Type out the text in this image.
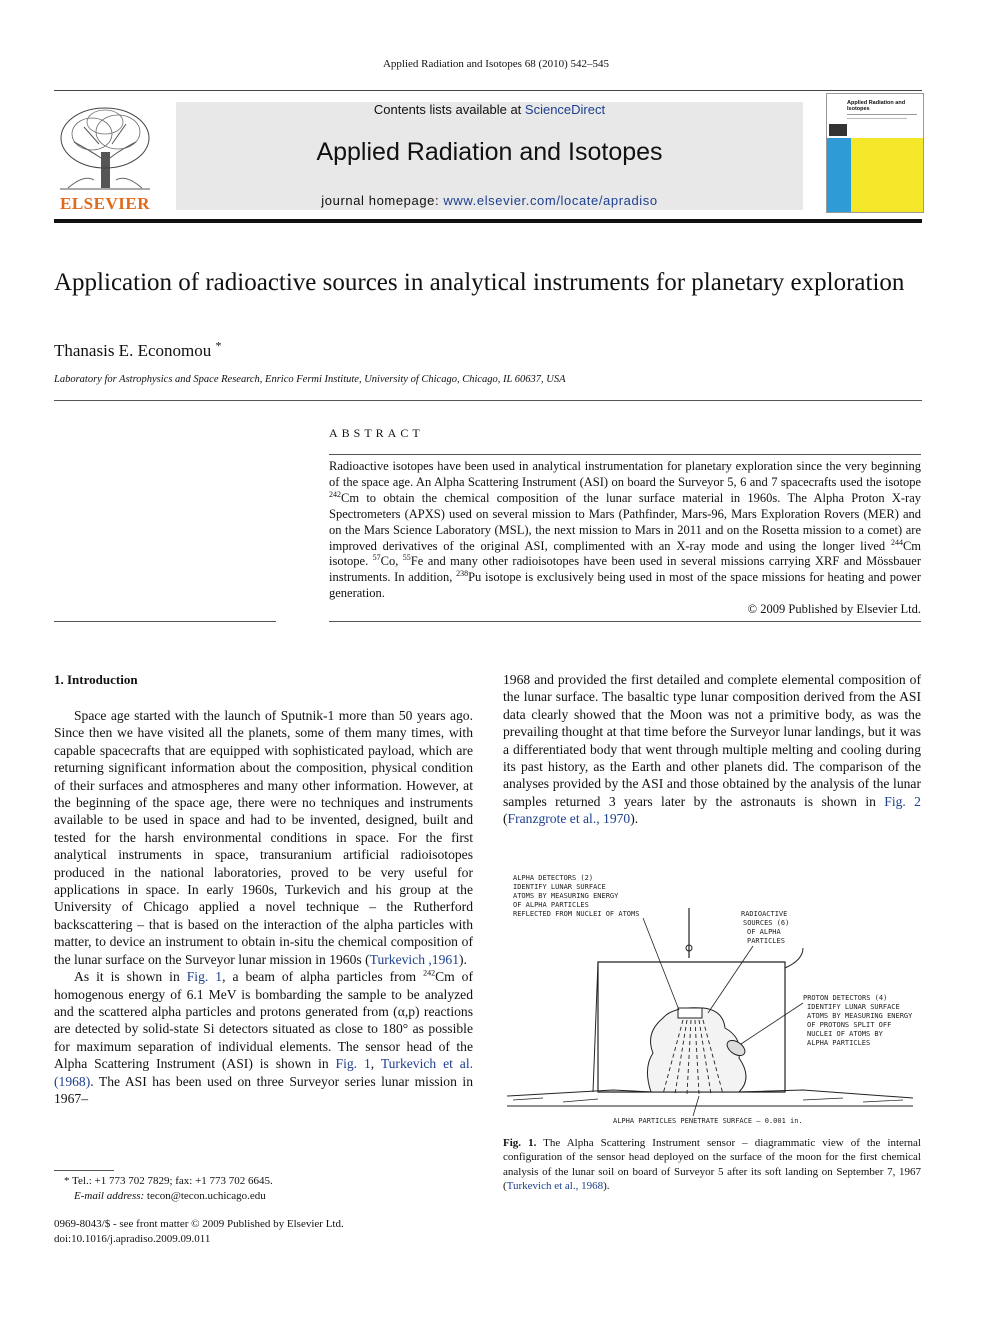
Applied Radiation and Isotopes 68 (2010) 542–545
ELSEVIER
Contents lists available at ScienceDirect
Applied Radiation and Isotopes
journal homepage: www.elsevier.com/locate/apradiso
Applied Radiation and Isotopes
Application of radioactive sources in analytical instruments for planetary exploration
Thanasis E. Economou *
Laboratory for Astrophysics and Space Research, Enrico Fermi Institute, University of Chicago, Chicago, IL 60637, USA
ABSTRACT
Radioactive isotopes have been used in analytical instrumentation for planetary exploration since the very beginning of the space age. An Alpha Scattering Instrument (ASI) on board the Surveyor 5, 6 and 7 spacecrafts used the isotope $^{242}$Cm to obtain the chemical composition of the lunar surface material in 1960s. The Alpha Proton X-ray Spectrometers (APXS) used on several mission to Mars (Pathfinder, Mars-96, Mars Exploration Rovers (MER) and on the Mars Science Laboratory (MSL), the next mission to Mars in 2011 and on the Rosetta mission to a comet) are improved derivatives of the original ASI, complimented with an X-ray mode and using the longer lived $^{244}$Cm isotope. $^{57}$Co, $^{55}$Fe and many other radioisotopes have been used in several missions carrying XRF and Mössbauer instruments. In addition, $^{238}$Pu isotope is exclusively being used in most of the space missions for heating and power generation.
© 2009 Published by Elsevier Ltd.
1. Introduction

Space age started with the launch of Sputnik-1 more than 50 years ago. Since then we have visited all the planets, some of them many times, with capable spacecrafts that are equipped with sophisticated payload, which are returning significant information about the composition, physical condition of their surfaces and atmospheres and many other information. However, at the beginning of the space age, there were no techniques and instruments available to be used in space and had to be invented, designed, built and tested for the harsh environmental conditions in space. For the first analytical instruments in space, transuranium artificial radioisotopes produced in the national laboratories, proved to be very useful for applications in space. In early 1960s, Turkevich and his group at the University of Chicago applied a novel technique – the Rutherford backscattering – that is based on the interaction of the alpha particles with matter, to device an instrument to obtain in-situ the chemical composition of the lunar surface on the Surveyor lunar mission in 1960s (Turkevich ,1961).

As it is shown in Fig. 1, a beam of alpha particles from $^{242}$Cm of homogenous energy of 6.1 MeV is bombarding the sample to be analyzed and the scattered alpha particles and protons generated from (α,p) reactions are detected by solid-state Si detectors situated as close to 180° as possible for maximum separation of individual elements. The sensor head of the Alpha Scattering Instrument (ASI) is shown in Fig. 1, Turkevich et al. (1968). The ASI has been used on three Surveyor series lunar mission in 1967–

1968 and provided the first detailed and complete elemental composition of the lunar surface. The basaltic type lunar composition derived from the ASI data clearly showed that the Moon was not a primitive body, as was the prevailing thought at that time before the Surveyor lunar landings, but it was a differentiated body that went through multiple melting and cooling during its past history, as the Earth and other planets did. The comparison of the analyses provided by the ASI and those obtained by the analysis of the lunar samples returned 3 years later by the astronauts is shown in Fig. 2 (Franzgrote et al., 1970).

ALPHA DETECTORS (2)
IDENTIFY LUNAR SURFACE
ATOMS BY MEASURING ENERGY
OF ALPHA PARTICLES
REFLECTED FROM NUCLEI OF ATOMS	RADIOACTIVE
SOURCES (6)
OF ALPHA
PARTICLES
PROTON DETECTORS (4)
IDENTIFY LUNAR SURFACE
ATOMS BY MEASURING ENERGY
OF PROTONS SPLIT OFF
NUCLEI OF ATOMS BY
ALPHA PARTICLES
ALPHA PARTICLES PENETRATE SURFACE – 0.001 in.
Fig. 1. The Alpha Scattering Instrument sensor – diagrammatic view of the internal configuration of the sensor head deployed on the surface of the moon for the first chemical analysis of the lunar soil on board of Surveyor 5 after its soft landing on September 7, 1967 (Turkevich et al., 1968).
* Tel.: +1 773 702 7829; fax: +1 773 702 6645.
E-mail address: tecon@tecon.uchicago.edu
0969-8043/$ - see front matter © 2009 Published by Elsevier Ltd.
doi:10.1016/j.apradiso.2009.09.011
